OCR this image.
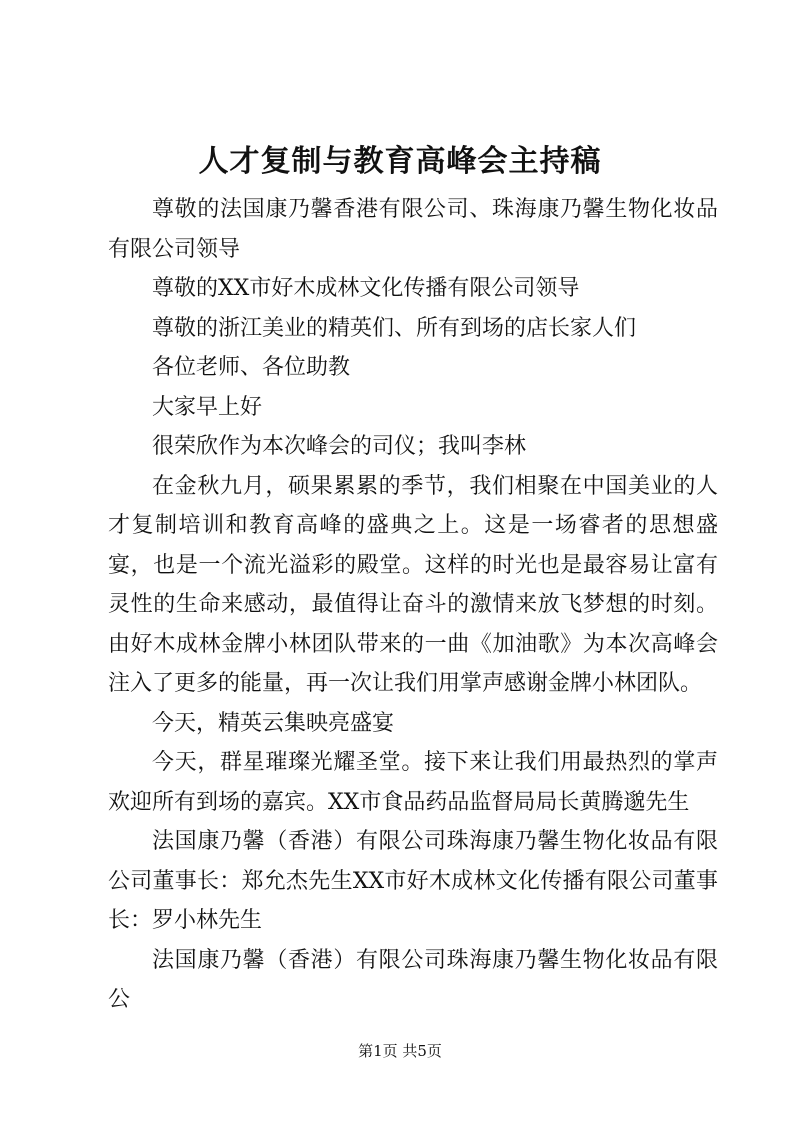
人才复制与教育高峰会主持稿

尊敬的法国康乃馨香港有限公司、珠海康乃馨生物化妆品有限公司领导

尊敬的XX市好木成林文化传播有限公司领导

尊敬的浙江美业的精英们、所有到场的店长家人们

各位老师、各位助教

大家早上好

很荣欣作为本次峰会的司仪；我叫李林

在金秋九月，硕果累累的季节，我们相聚在中国美业的人才复制培训和教育高峰的盛典之上。这是一场睿者的思想盛宴，也是一个流光溢彩的殿堂。这样的时光也是最容易让富有灵性的生命来感动，最值得让奋斗的激情来放飞梦想的时刻。由好木成林金牌小林团队带来的一曲《加油歌》为本次高峰会注入了更多的能量，再一次让我们用掌声感谢金牌小林团队。

今天，精英云集映亮盛宴

今天，群星璀璨光耀圣堂。接下来让我们用最热烈的掌声欢迎所有到场的嘉宾。XX市食品药品监督局局长黄腾邈先生

法国康乃馨（香港）有限公司珠海康乃馨生物化妆品有限公司董事长：郑允杰先生XX市好木成林文化传播有限公司董事长：罗小林先生

法国康乃馨（香港）有限公司珠海康乃馨生物化妆品有限公

第1页 共5页
